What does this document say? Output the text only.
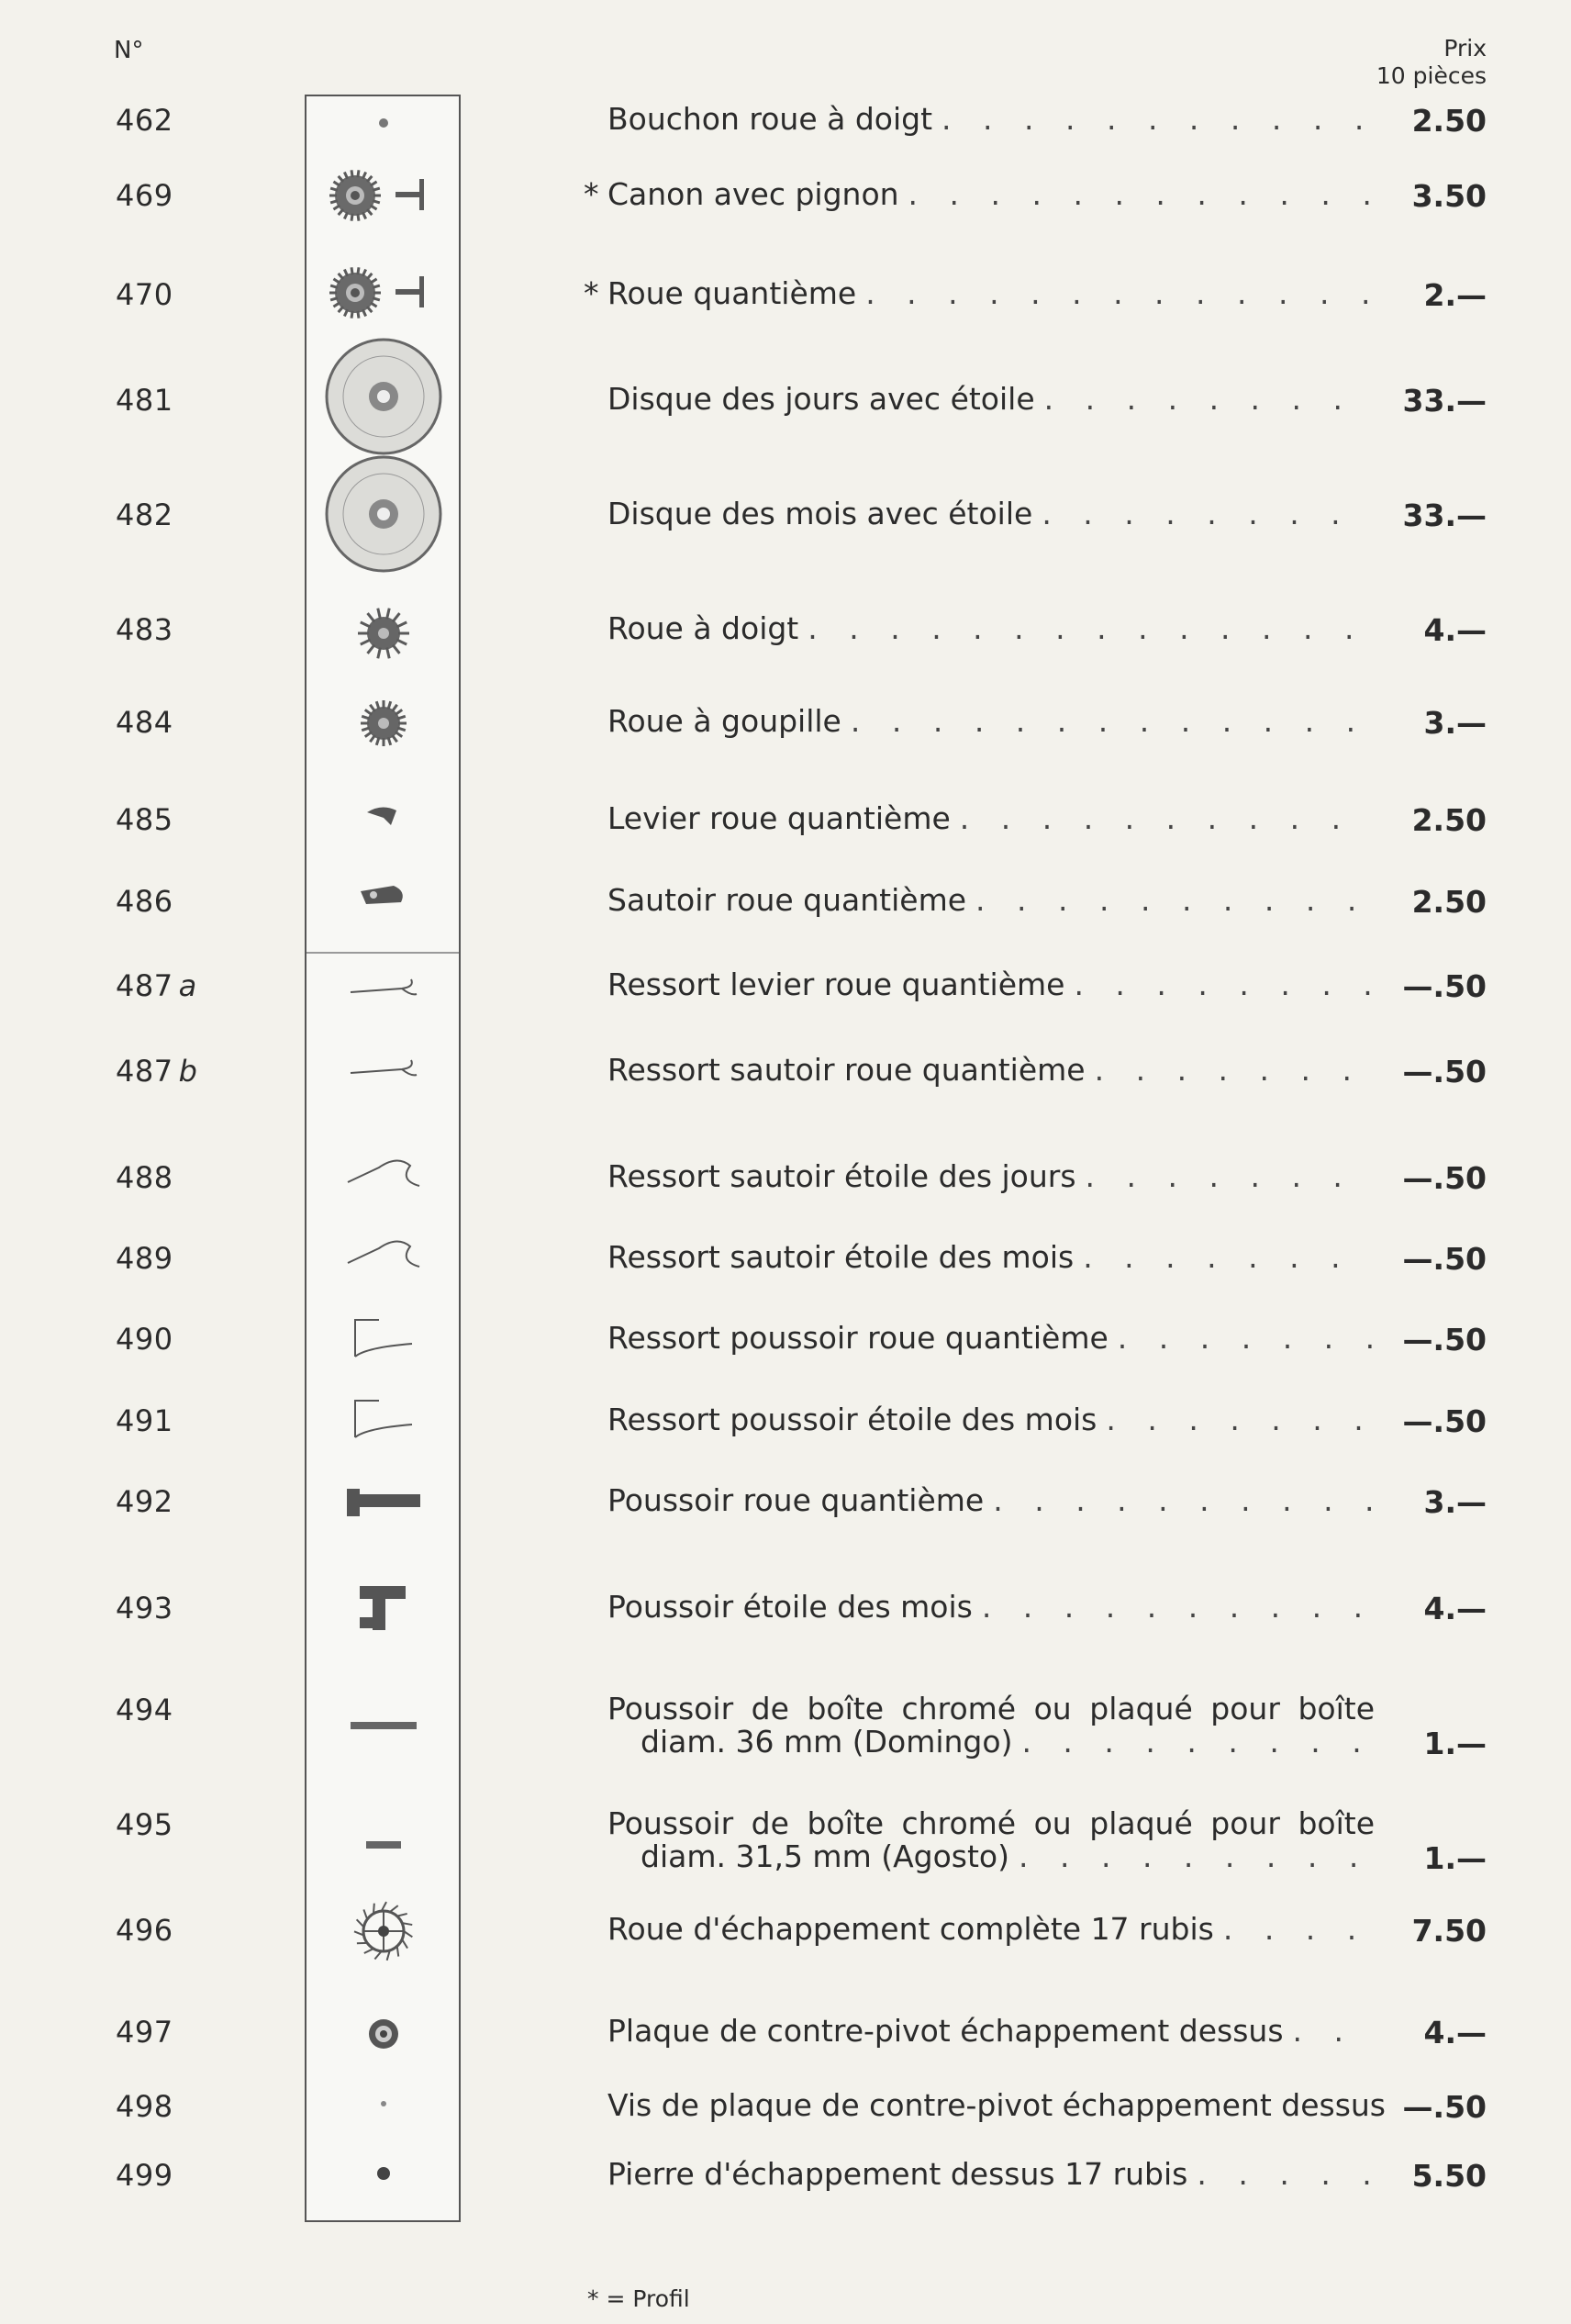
N°	Prix
10 pièces
462	Bouchon roue à doigt . . .	2.50
469	* Canon avec pignon . . .	3.50
470	* Roue quantième . . .	2.—
481	Disque des jours avec étoile . . .	33.—
482	Disque des mois avec étoile . . .	33.—
483	Roue à doigt . . .	4.—
484	Roue à goupille . . .	3.—
485	Levier roue quantième . . .	2.50
486	Sautoir roue quantième . . .	2.50
487 a	Ressort levier roue quantième . . .	—.50
487 b	Ressort sautoir roue quantième . . .	—.50
488	Ressort sautoir étoile des jours . . .	—.50
489	Ressort sautoir étoile des mois . . .	—.50
490	Ressort poussoir roue quantième . . .	—.50
491	Ressort poussoir étoile des mois . . .	—.50
492	Poussoir roue quantième . . .	3.—
493	Poussoir étoile des mois . . .	4.—
494	Poussoir de boîte chromé ou plaqué pour boîte
diam. 36 mm (Domingo) . . .	1.—
495	Poussoir de boîte chromé ou plaqué pour boîte
diam. 31,5 mm (Agosto) . . .	1.—
496	Roue d'échappement complète 17 rubis . . .	7.50
497	Plaque de contre-pivot échappement dessus . . .	4.—
498	Vis de plaque de contre-pivot échappement dessus . . . —.50
499	Pierre d'échappement dessus 17 rubis . . .	5.50
* = Profil
